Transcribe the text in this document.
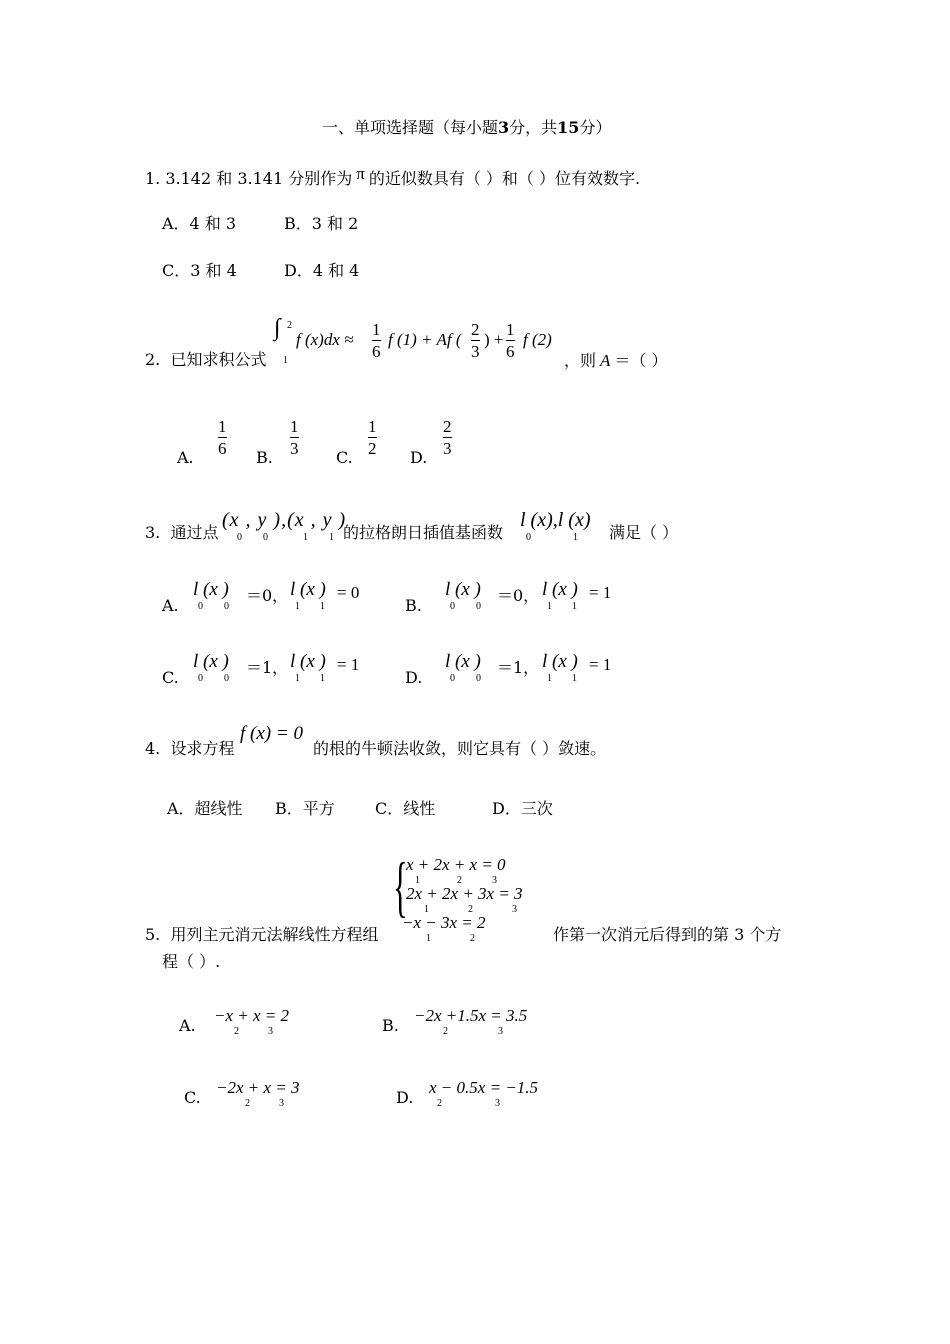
一、单项选择题（每小题3分，共15分）
1. 3.142 和 3.141 分别作为 π 的近似数具有（ ）和（ ）位有效数字.
A．4 和 3	B．3 和 2
C．3 和 4	D．4 和 4
2. 已知求积公式
∫ 2
1
f (x)dx ≈
1
6
f (1) + Af (
2
3
) +
1
6
f (2)
，则 A ＝（ ）
A.
1
6 B.
1
3 C.
1
2 D.
2
3
3. 通过点
(x , y ),(x , y )
0 0	1 1 的拉格朗日插值基函数
l (x),l (x)
0	1 满足（ ）
A.
l (x )
0 0
＝0， l (x )
1 1
= 0
B.
l (x )
0 0
＝0， l (x )
1 1
= 1
C.
l (x )
0 0
＝1， l (x )
1 1
= 1
D.
l (x )
0 0
＝1， l (x )
1 1
= 1
4. 设求方程
f (x) = 0
的根的牛顿法收敛，则它具有（ ）敛速。
A．超线性 B．平方	C．线性	D．三次
5. 用列主元消元法解线性方程组
{
x + 2x + x = 0
2x + 2x + 3x = 3
−x − 3x = 2
1	2	3
1	2	3
1	2	作第一次消元后得到的第 3 个方
程（ ）.
A.
−x + x = 2
2	3	B.
−2x +1.5x = 3.5
2	3
C.
−2x + x = 3
2	3	D.
x − 0.5x = −1.5
2	3
